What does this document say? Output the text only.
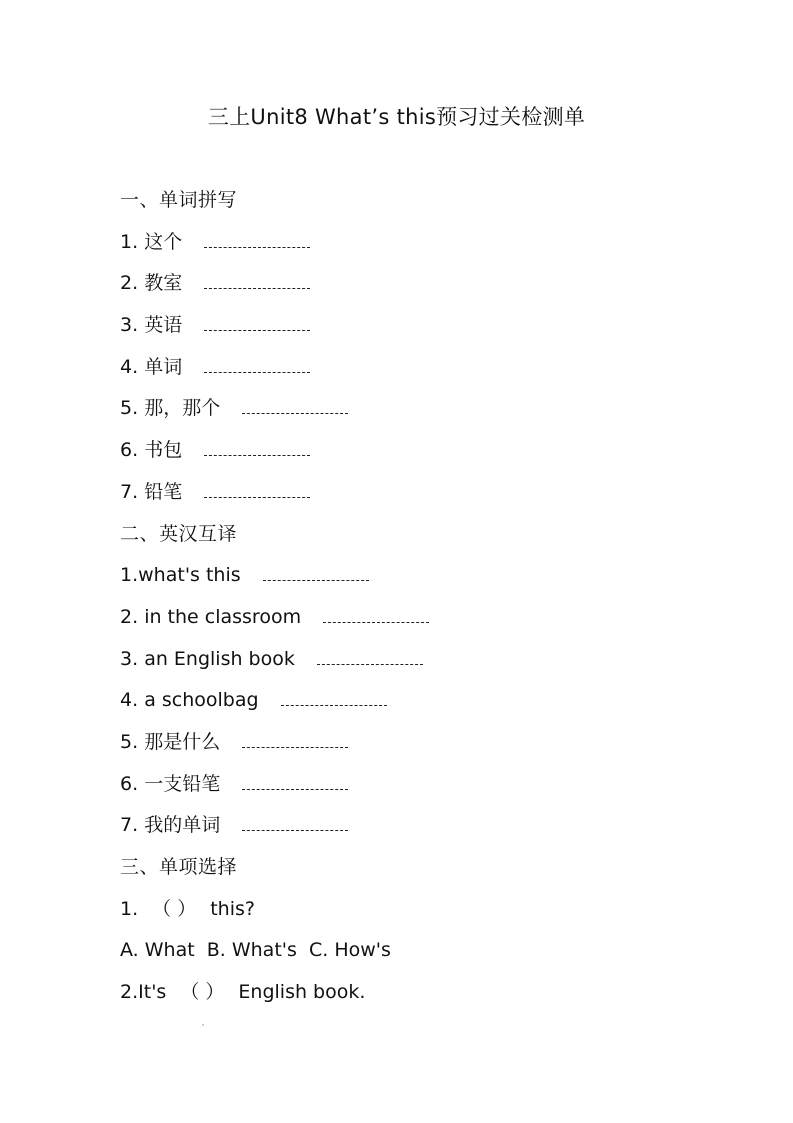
三上Unit8 What’s this预习过关检测单
一、单词拼写
1. 这个
2. 教室
3. 英语
4. 单词
5. 那，那个
6. 书包
7. 铅笔
二、英汉互译
1.what's this
2. in the classroom
3. an English book
4. a schoolbag
5. 那是什么
6. 一支铅笔
7. 我的单词
三、单项选择
1. （ ） this?
A. What  B. What's  C. How's
2.It's （ ） English book.
